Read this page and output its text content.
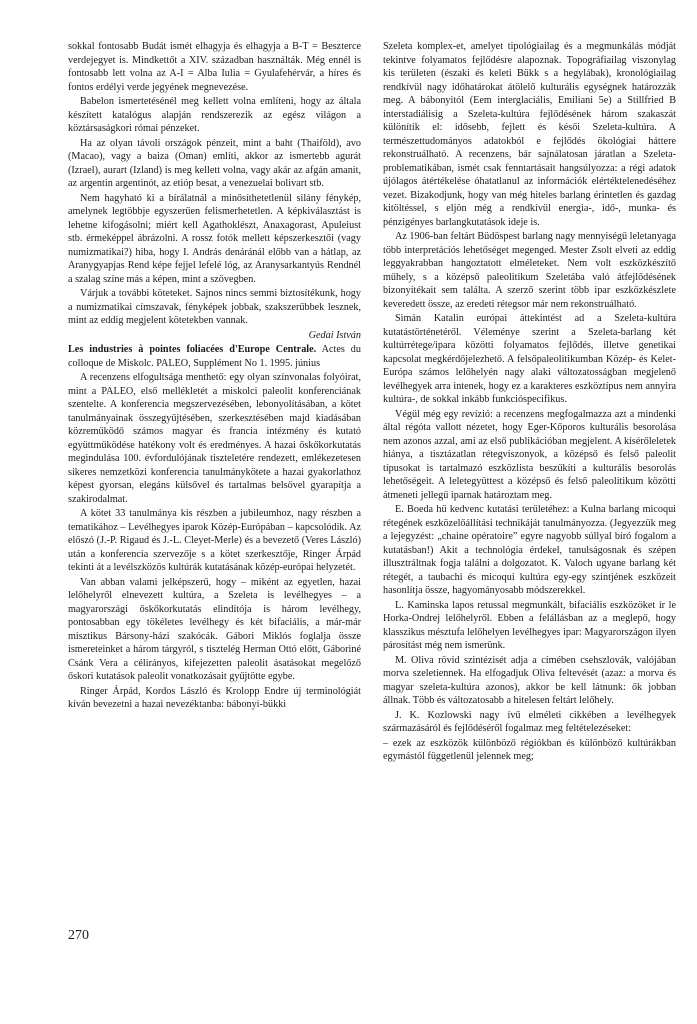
sokkal fontosabb Budát ismét elhagyja és elhagyja a B-T = Beszterce verdejegyet is. Mindkettőt a XIV. században használták. Még ennél is fontosabb lett volna az A-I = Alba Iulia = Gyulafehérvár, a híres és fontos erdélyi verde jegyének megnevezése.

Babelon ismertetésénél meg kellett volna említeni, hogy az általa készített katalógus alapján rendszerezik az egész világon a köztársaságkori római pénzeket.

Ha az olyan távoli országok pénzeit, mint a baht (Thaiföld), avo (Macao), vagy a baiza (Oman) említi, akkor az ismertebb agurát (Izrael), aurart (Izland) is meg kellett volna, vagy akár az afgán amanit, az argentin argentinót, az etióp besat, a venezuelai bolivart stb.

Nem hagyható ki a bírálatnál a minősíthetetlenül silány fénykép, amelynek legtöbbje egyszerűen felismerhetetlen. A képkiválasztást is lehetne kifogásolni; miért kell Agathoklészt, Anaxagorast, Apuleiust stb. érmeképpel ábrázolni. A rossz fotók mellett képszerkesztői (vagy numizmatikai?) hiba, hogy I. András denáránál előbb van a hátlap, az Aranygyapjas Rend képe fejjel lefelé lóg, az Aranysarkantyús Rendnél a szalag színe más a képen, mint a szövegben.

Várjuk a további köteteket. Sajnos nincs semmi biztosítékunk, hogy a numizmatikai címszavak, fényképek jobbak, szakszerűbbek lesznek, mint az eddig megjelent kötetekben vannak.

Gedai István

Les industries à pointes foliacées d'Europe Centrale. Actes du colloque de Miskolc. PALEO, Supplément No 1. 1995. június

A recenzens elfogultsága menthető: egy olyan színvonalas folyóirat, mint a PALEO, első mellékletét a miskolci paleolit konferenciának szentelte. A konferencia megszervezésében, lebonyolításában, a kötet tanulmányainak összegyűjtésében, szerkesztésében majd kiadásában közreműködő számos magyar és francia intézmény és kutató együttműködése hatékony volt és eredményes. A hazai őskőkorkutatás megindulása 100. évfordulójának tiszteletére rendezett, emlékezetesen sikeres nemzetközi konferencia tanulmánykötete a hazai gyakorlathoz képest gyorsan, elegáns külsővel és tartalmas belsővel gyarapítja a szakirodalmat.

A kötet 33 tanulmánya kis részben a jubileumhoz, nagy részben a tematikához – Levélhegyes iparok Közép-Európában – kapcsolódik. Az előszó (J.-P. Rigaud és J.-L. Cleyet-Merle) és a bevezető (Veres László) után a konferencia szervezője s a kötet szerkesztője, Ringer Árpád tekinti át a levélszközös kultúrák kutatásának közép-európai helyzetét.

Van abban valami jelképszerű, hogy – miként az egyetlen, hazai lelőhelyről elnevezett kultúra, a Szeleta is levélhegyes – a magyarországi őskőkorkutatás elindítója is három levélhegy, pontosabban egy tökéletes levélhegy és két bifaciális, a már-már misztikus Bársony-házi szakócák. Gábori Miklós foglalja össze ismereteinket a három tárgyról, s tisztelég Herman Ottó előtt, Gáboriné Csánk Vera a célirányos, kifejezetten paleolit ásatásokat megelőző őskori kutatások paleolit vonatkozásait gyűjtötte egybe.

Ringer Árpád, Kordos László és Krolopp Endre új terminológiát kíván bevezetni a hazai nevezéktanba: bábonyi-bükki

Szeleta komplex-et, amelyet tipológiailag és a megmunkálás módját tekintve folyamatos fejlődésre alapoznak. Topográfiailag viszonylag kis területen (északi és keleti Bükk s a hegylábak), kronológiailag rendkívül nagy időhatárokat átölelő kulturális egységnek határozzák meg. A bábonyitól (Eem interglaciális, Emiliani 5e) a Stillfried B interstadiálisig a Szeleta-kultúra fejlődésének három szakaszát különítik el: idősebb, fejlett és késői Szeleta-kultúra. A természettudományos adatokból e fejlődés ökológiai háttere rekonstruálható. A recenzens, bár sajnálatosan járatlan a Szeleta-problematikában, ismét csak fenntartásait hangsúlyozza: a régi adatok újólagos átértékelése óhatatlanul az információk elértéktelenedéséhez vezet. Bizakodjunk, hogy van még hiteles barlang érintetlen és gazdag kitöltéssel, s eljön még a rendkívül energia-, idő-, munka- és pénzigényes barlangkutatások ideje is.

Az 1906-ban feltárt Büdöspest barlang nagy mennyiségű leletanyaga több interpretációs lehetőséget megenged. Mester Zsolt elveti az eddig leggyakrabban hangoztatott elméleteket. Nem volt eszközkészítő műhely, s a középső paleolitikum Szeletába való átfejlődésének bizonyítékait sem találta. A szerző szerint több ipar eszközkészlete keveredett össze, az eredeti rétegsor már nem rekonstruálható.

Simán Katalin európai áttekintést ad a Szeleta-kultúra kutatástörténetéről. Véleménye szerint a Szeleta-barlang két kultúrrétege/ipara közötti folyamatos fejlődés, illetve genetikai kapcsolat megkérdőjelezhető. A felsőpaleolitikumban Közép- és Kelet-Európa számos lelőhelyén nagy alaki változatosságban megjelenő levélhegyek arra intenek, hogy ez a karakteres eszköztípus nem annyira kultúra-, de sokkal inkább funkcióspecifikus.

Végül még egy revízió: a recenzens megfogalmazza azt a mindenki által régóta vallott nézetet, hogy Eger-Kőporos kulturális besorolása nem azonos azzal, ami az első publikációban megjelent. A kísérőleletek hiánya, a tisztázatlan rétegviszonyok, a középső és felső paleolit típusokat is tartalmazó eszközlista beszűkíti a kulturális besorolás lehetőségeit. A leletegyüttest a középső és felső paleolitikum közötti átmeneti jellegű iparnak határoztam meg.

E. Boeda hű kedvenc kutatási területéhez: a Kulna barlang micoqui rétegének eszközelőállítási technikáját tanulmányozza. (Jegyezzük meg a lejegyzést: „chaine opératoire” egyre nagyobb súllyal bíró fogalom a kutatásban!) Akit a technológia érdekel, tanulságosnak és szépen illusztráltnak fogja találni a dolgozatot. K. Valoch ugyane barlang két rétegét, a taubachi és micoqui kultúra egy-egy szintjének eszközeit hasonlítja össze, hagyományosabb módszerekkel.

L. Kaminska lapos retussal megmunkált, bifaciális eszközöket ír le Horka-Ondrej lelőhelyről. Ebben a felállásban az a meglepő, hogy klasszikus mésztufa lelőhelyen levélhegyes ipar: Magyarországon ilyen párosítást még nem ismerünk.

M. Oliva rövid szintézisét adja a címében csehszlovák, valójában morva szeletiennek. Ha elfogadjuk Oliva feltevését (azaz: a morva és magyar szeleta-kultúra azonos), akkor be kell látnunk: ők jobban állnak. Több és változatosabb a hitelesen feltárt lelőhely.

J. K. Kozlowski nagy ívű elméleti cikkében a levélhegyek származásáról és fejlődéséről fogalmaz meg feltételezéseket:

– ezek az eszközök különböző régiókban és különböző kultúrákban egymástól függetlenül jelennek meg;

270
